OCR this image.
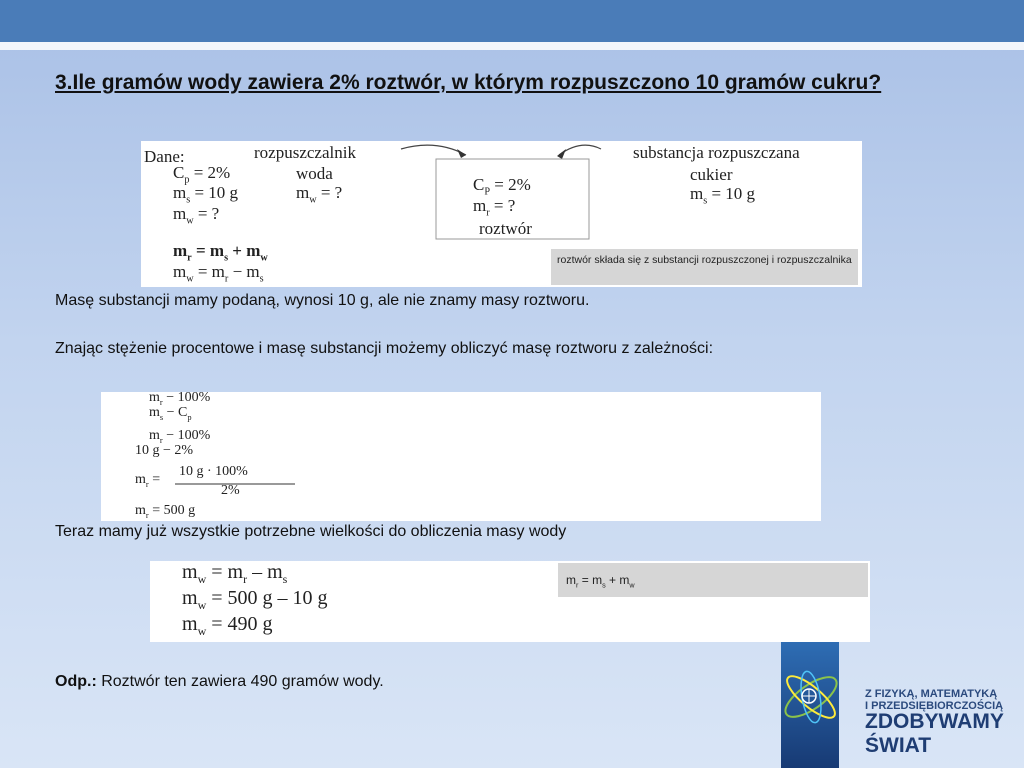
3.Ile gramów wody zawiera 2% roztwór, w którym rozpuszczono 10 gramów cukru?
Dane:	rozpuszczalnik	substancja rozpuszczana
$C_p = 2\%$
$m_s = 10$ g
$m_w$ = ?
woda
$m_w$ = ?	$C_P = 2\%$
$m_r$ = ?
roztwór
cukier
$m_s = 10$ g
$m_r = m_s + m_w$
$m_w = m_r - m_s$
roztwór składa się z substancji rozpuszczonej i rozpuszczalnika
Masę substancji mamy podaną, wynosi 10 g, ale nie znamy masy roztworu.
Znając stężenie procentowe i masę substancji możemy obliczyć masę roztworu z zależności:
$m_r - 100\%$
$m_s - C_p$
$m_r - 100\%$
10 g − 2%
$m_r$ =
10 g · 100%
2%
$m_r = 500$ g
Teraz mamy już wszystkie potrzebne wielkości do obliczenia masy wody
$m_w = m_r - m_s$
$m_w = 500$ g – 10 g
$m_w = 490$ g
$m_r = m_s + m_w$
Odp.: Roztwór ten zawiera 490 gramów wody.
Z FIZYKĄ, MATEMATYKĄ
I PRZEDSIĘBIORCZOŚCIĄ
ZDOBYWAMY
ŚWIAT
